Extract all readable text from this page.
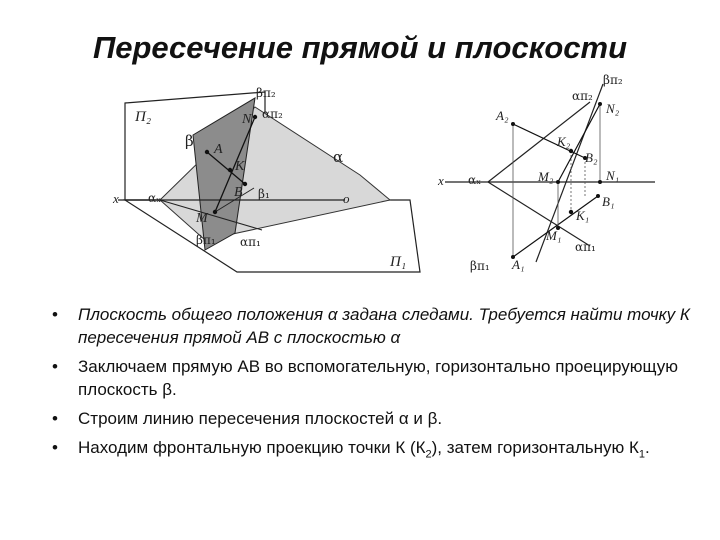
Пересечение прямой и плоскости
П₂
П₁
βπ₂
απ₂
β
α
A
K
B
N
M
x	o
αₓ	β₁
βπ₁ απ₁
βπ₂
απ₂
N₂
A₂
K₂
B₂
M₂	N₁
B₁
K₁
M₁
A₁
x αₓ
βπ₁
απ₁
• Плоскость общего положения α задана следами. Требуется найти точку К пересечения прямой АВ с плоскостью α
• Заключаем прямую АВ во вспомогательную, горизонтально проецирующую плоскость β.
• Строим линию пересечения плоскостей α и β.
• Находим фронтальную проекцию точки К $(К_2)$, затем горизонтальную $К_1$.
